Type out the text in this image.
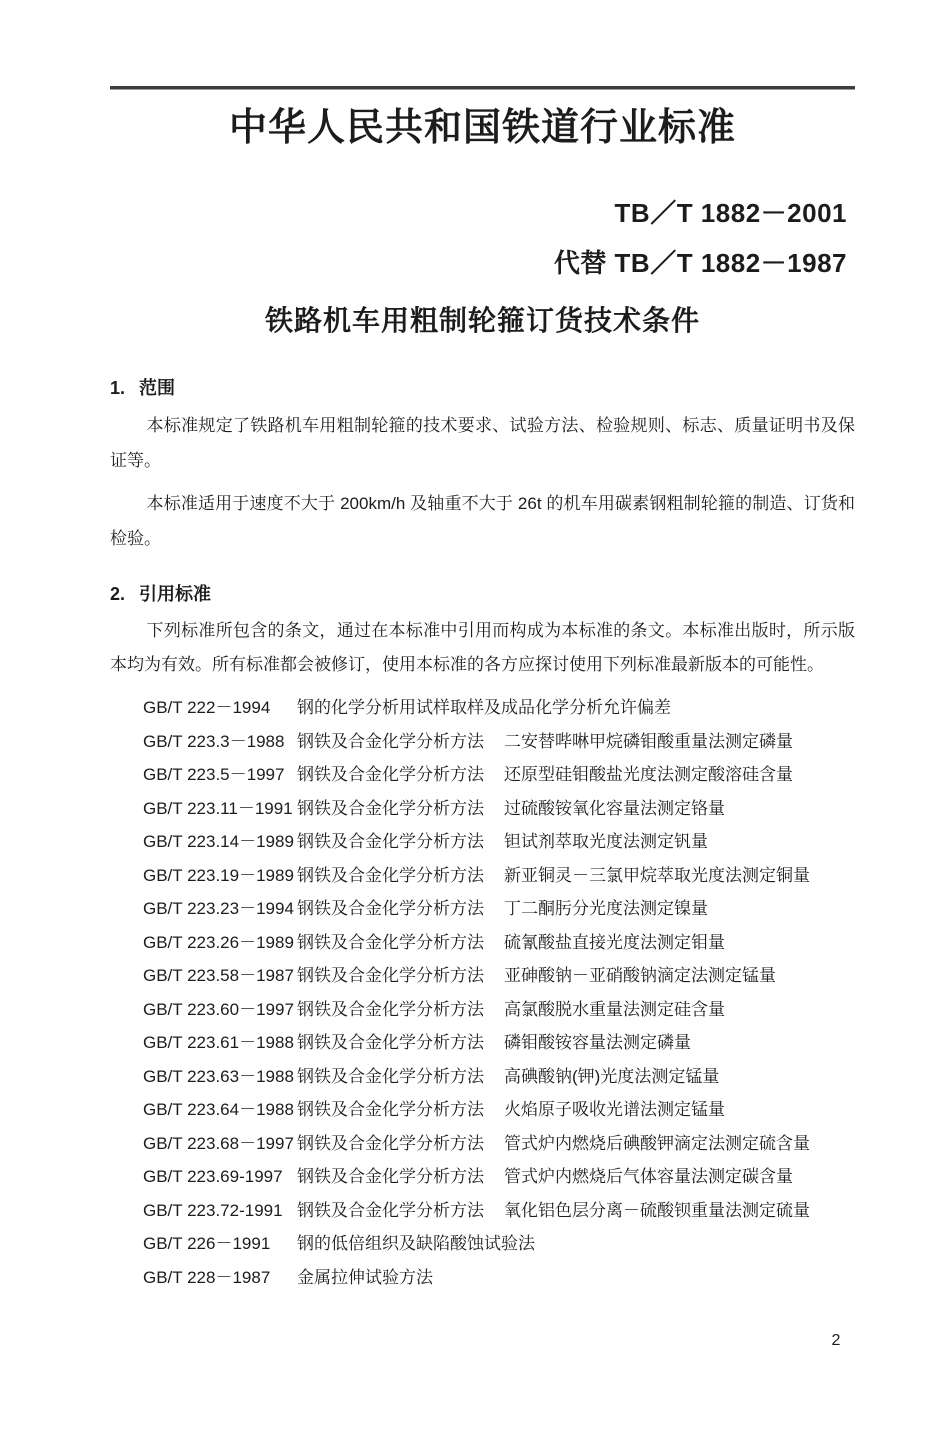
中华人民共和国铁道行业标准
TB／T 1882－2001
代替 TB／T 1882－1987
铁路机车用粗制轮箍订货技术条件
1. 范围

本标准规定了铁路机车用粗制轮箍的技术要求、试验方法、检验规则、标志、质量证明书及保证等。

本标准适用于速度不大于 200km/h 及轴重不大于 26t 的机车用碳素钢粗制轮箍的制造、订货和检验。

2. 引用标准

下列标准所包含的条文，通过在本标准中引用而构成为本标准的条文。本标准出版时，所示版本均为有效。所有标准都会被修订，使用本标准的各方应探讨使用下列标准最新版本的可能性。

GB/T 222－1994	钢的化学分析用试样取样及成品化学分析允许偏差
GB/T 223.3－1988 钢铁及合金化学分析方法 二安替哔啉甲烷磷钼酸重量法测定磷量
GB/T 223.5－1997 钢铁及合金化学分析方法 还原型硅钼酸盐光度法测定酸溶硅含量
GB/T 223.11－1991 钢铁及合金化学分析方法 过硫酸铵氧化容量法测定铬量
GB/T 223.14－1989 钢铁及合金化学分析方法 钽试剂萃取光度法测定钒量
GB/T 223.19－1989 钢铁及合金化学分析方法 新亚铜灵－三氯甲烷萃取光度法测定铜量
GB/T 223.23－1994 钢铁及合金化学分析方法 丁二酮肟分光度法测定镍量
GB/T 223.26－1989 钢铁及合金化学分析方法 硫氰酸盐直接光度法测定钼量
GB/T 223.58－1987 钢铁及合金化学分析方法 亚砷酸钠－亚硝酸钠滴定法测定锰量
GB/T 223.60－1997 钢铁及合金化学分析方法 高氯酸脱水重量法测定硅含量
GB/T 223.61－1988 钢铁及合金化学分析方法 磷钼酸铵容量法测定磷量
GB/T 223.63－1988 钢铁及合金化学分析方法 高碘酸钠(钾)光度法测定锰量
GB/T 223.64－1988 钢铁及合金化学分析方法 火焰原子吸收光谱法测定锰量
GB/T 223.68－1997 钢铁及合金化学分析方法 管式炉内燃烧后碘酸钾滴定法测定硫含量
GB/T 223.69-1997 钢铁及合金化学分析方法 管式炉内燃烧后气体容量法测定碳含量
GB/T 223.72-1991 钢铁及合金化学分析方法 氧化铝色层分离－硫酸钡重量法测定硫量
GB/T 226－1991	钢的低倍组织及缺陷酸蚀试验法
GB/T 228－1987	金属拉伸试验方法
2
